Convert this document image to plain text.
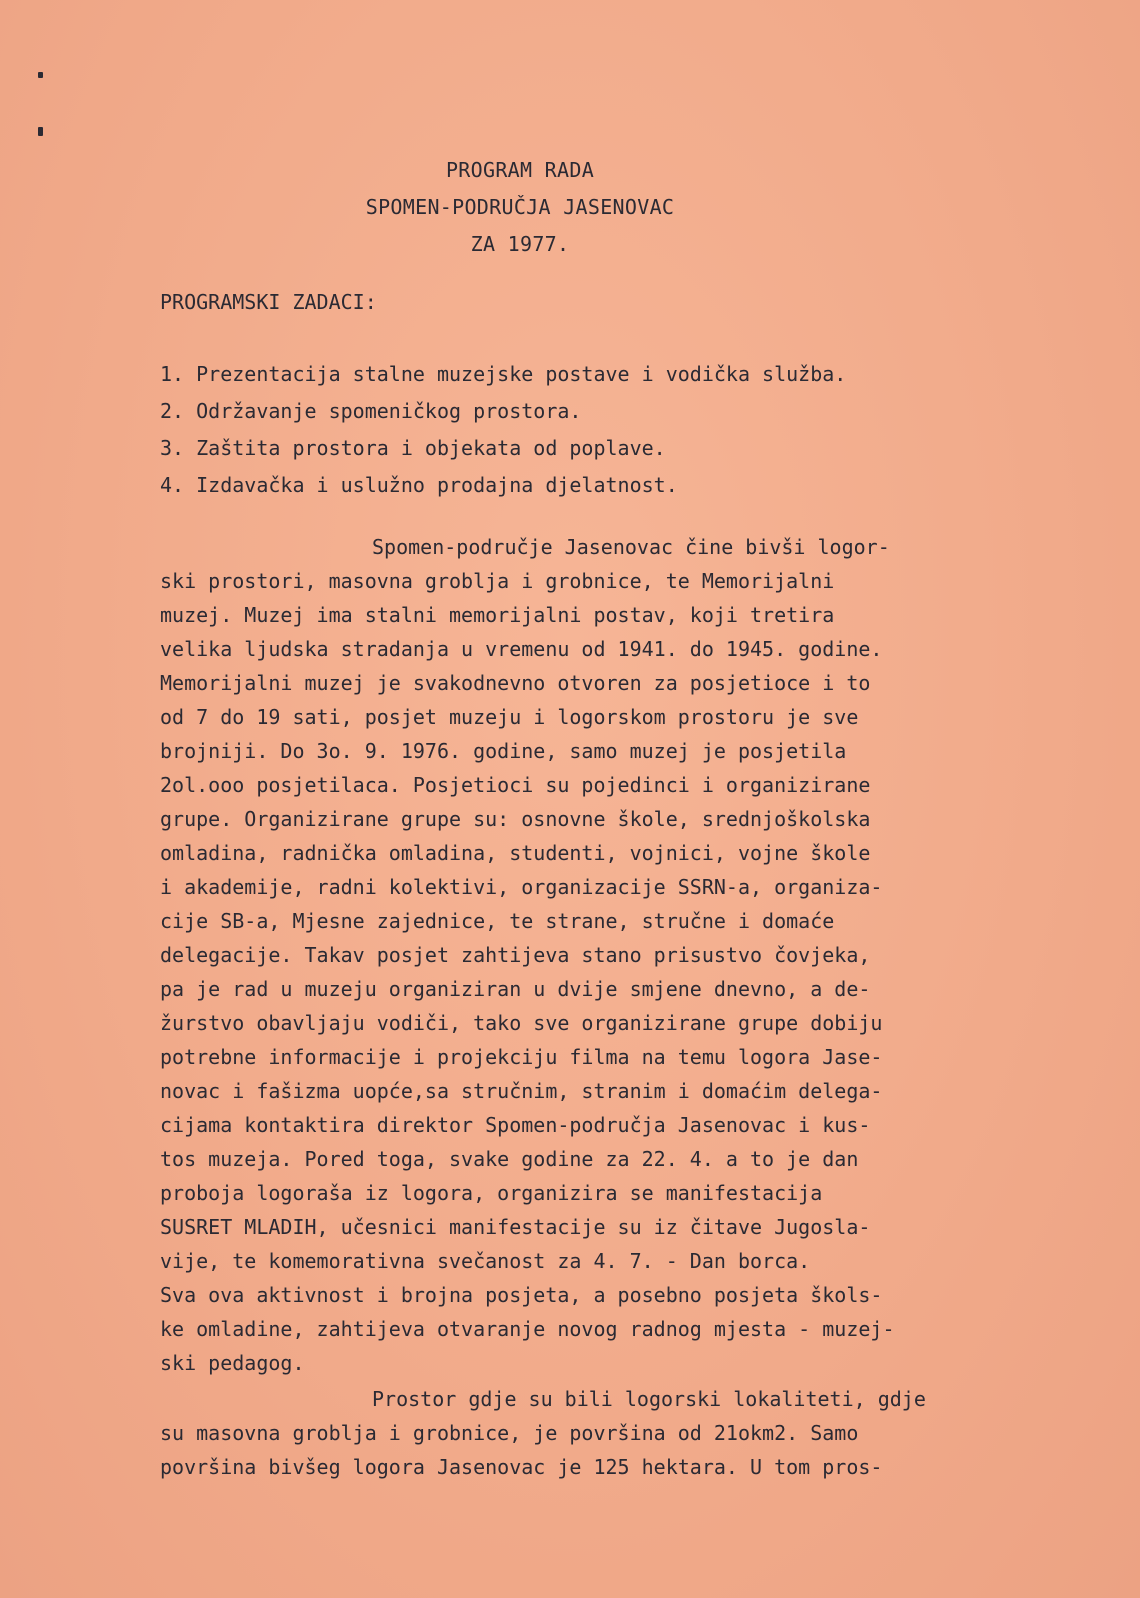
PROGRAM RADA
SPOMEN-PODRUČJA JASENOVAC
ZA 1977.
PROGRAMSKI ZADACI:
1. Prezentacija stalne muzejske postave i vodička služba.
2. Održavanje spomeničkog prostora.
3. Zaštita prostora i objekata od poplave.
4. Izdavačka i uslužno prodajna djelatnost.
Spomen-područje Jasenovac čine bivši logor-
ski prostori, masovna groblja i grobnice, te Memorijalni
muzej. Muzej ima stalni memorijalni postav, koji tretira
velika ljudska stradanja u vremenu od 1941. do 1945. godine.
Memorijalni muzej je svakodnevno otvoren za posjetioce i to
od 7 do 19 sati, posjet muzeju i logorskom prostoru je sve
brojniji. Do 3o. 9. 1976. godine, samo muzej je posjetila
2ol.ooo posjetilaca. Posjetioci su pojedinci i organizirane
grupe. Organizirane grupe su: osnovne škole, srednjoškolska
omladina, radnička omladina, studenti, vojnici, vojne škole
i akademije, radni kolektivi, organizacije SSRN-a, organiza-
cije SB-a, Mjesne zajednice, te strane, stručne i domaće
delegacije. Takav posjet zahtijeva stano prisustvo čovjeka,
pa je rad u muzeju organiziran u dvije smjene dnevno, a de-
žurstvo obavljaju vodiči, tako sve organizirane grupe dobiju
potrebne informacije i projekciju filma na temu logora Jase-
novac i fašizma uopće,sa stručnim, stranim i domaćim delega-
cijama kontaktira direktor Spomen-područja Jasenovac i kus-
tos muzeja. Pored toga, svake godine za 22. 4. a to je dan
proboja logoraša iz logora, organizira se manifestacija
SUSRET MLADIH, učesnici manifestacije su iz čitave Jugosla-
vije, te komemorativna svečanost za 4. 7. - Dan borca.
Sva ova aktivnost i brojna posjeta, a posebno posjeta škols-
ke omladine, zahtijeva otvaranje novog radnog mjesta - muzej-
ski pedagog.
Prostor gdje su bili logorski lokaliteti, gdje
su masovna groblja i grobnice, je površina od 21okm2. Samo
površina bivšeg logora Jasenovac je 125 hektara. U tom pros-
